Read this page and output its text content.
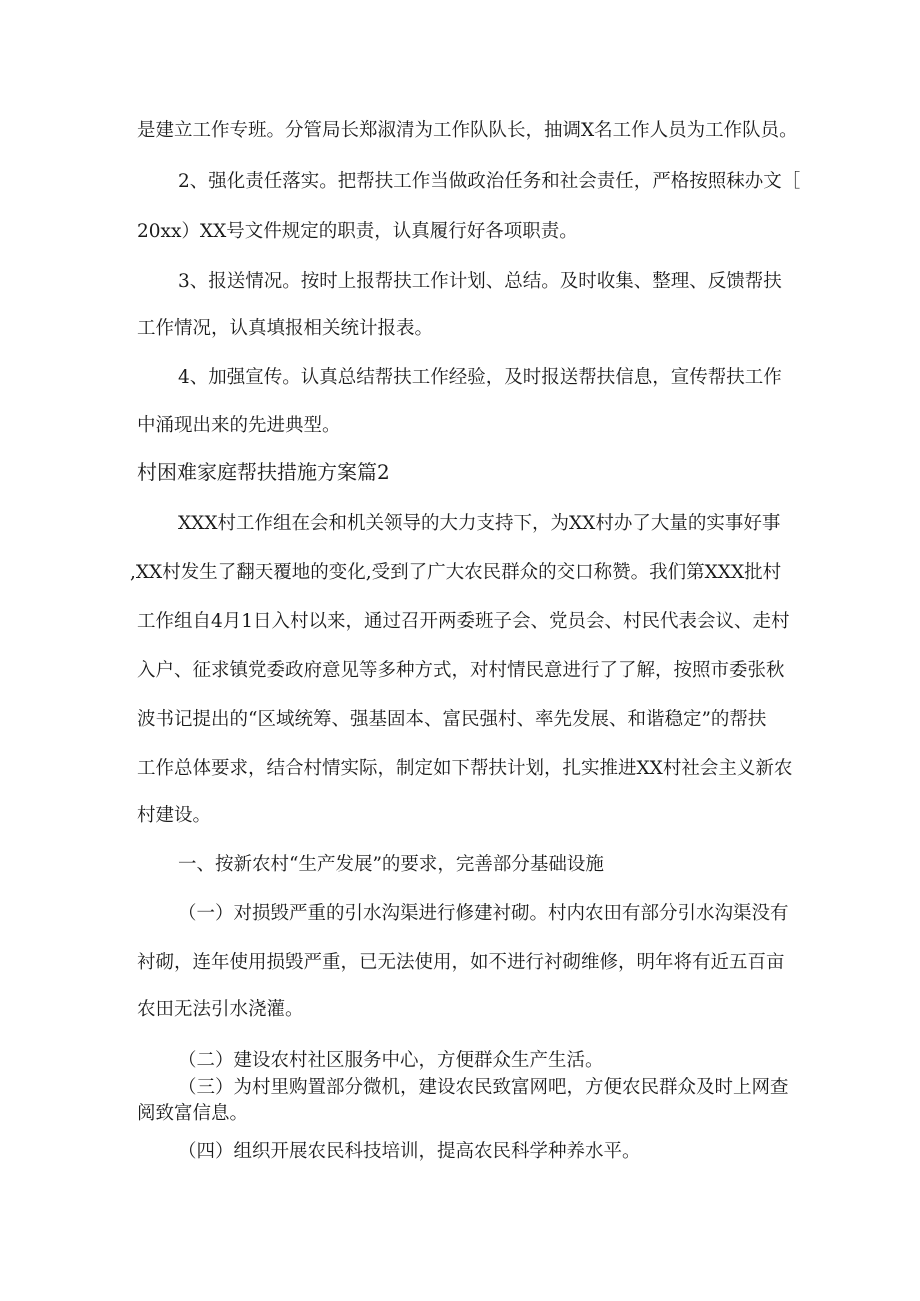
是建立工作专班。分管局长郑淑清为工作队队长，抽调X名工作人员为工作队员。
2、强化责任落实。把帮扶工作当做政治任务和社会责任，严格按照秣办文［
20xx）XX号文件规定的职责，认真履行好各项职责。
3、报送情况。按时上报帮扶工作计划、总结。及时收集、整理、反馈帮扶
工作情况，认真填报相关统计报表。
4、加强宣传。认真总结帮扶工作经验，及时报送帮扶信息，宣传帮扶工作
中涌现出来的先进典型。
村困难家庭帮扶措施方案篇2
XXX村工作组在会和机关领导的大力支持下，为XX村办了大量的实事好事
,XX村发生了翻天覆地的变化,受到了广大农民群众的交口称赞。我们第XXX批村
工作组自4月1日入村以来，通过召开两委班子会、党员会、村民代表会议、走村
入户、征求镇党委政府意见等多种方式，对村情民意进行了了解，按照市委张秋
波书记提出的“区域统筹、强基固本、富民强村、率先发展、和谐稳定”的帮扶
工作总体要求，结合村情实际，制定如下帮扶计划，扎实推进XX村社会主义新农
村建设。
一、按新农村“生产发展”的要求，完善部分基础设施
（一）对损毁严重的引水沟渠进行修建衬砌。村内农田有部分引水沟渠没有
衬砌，连年使用损毁严重，已无法使用，如不进行衬砌维修，明年将有近五百亩
农田无法引水浇灌。
（二）建设农村社区服务中心，方便群众生产生活。
（三）为村里购置部分微机，建设农民致富网吧，方便农民群众及时上网查
阅致富信息。
（四）组织开展农民科技培训，提高农民科学种养水平。
